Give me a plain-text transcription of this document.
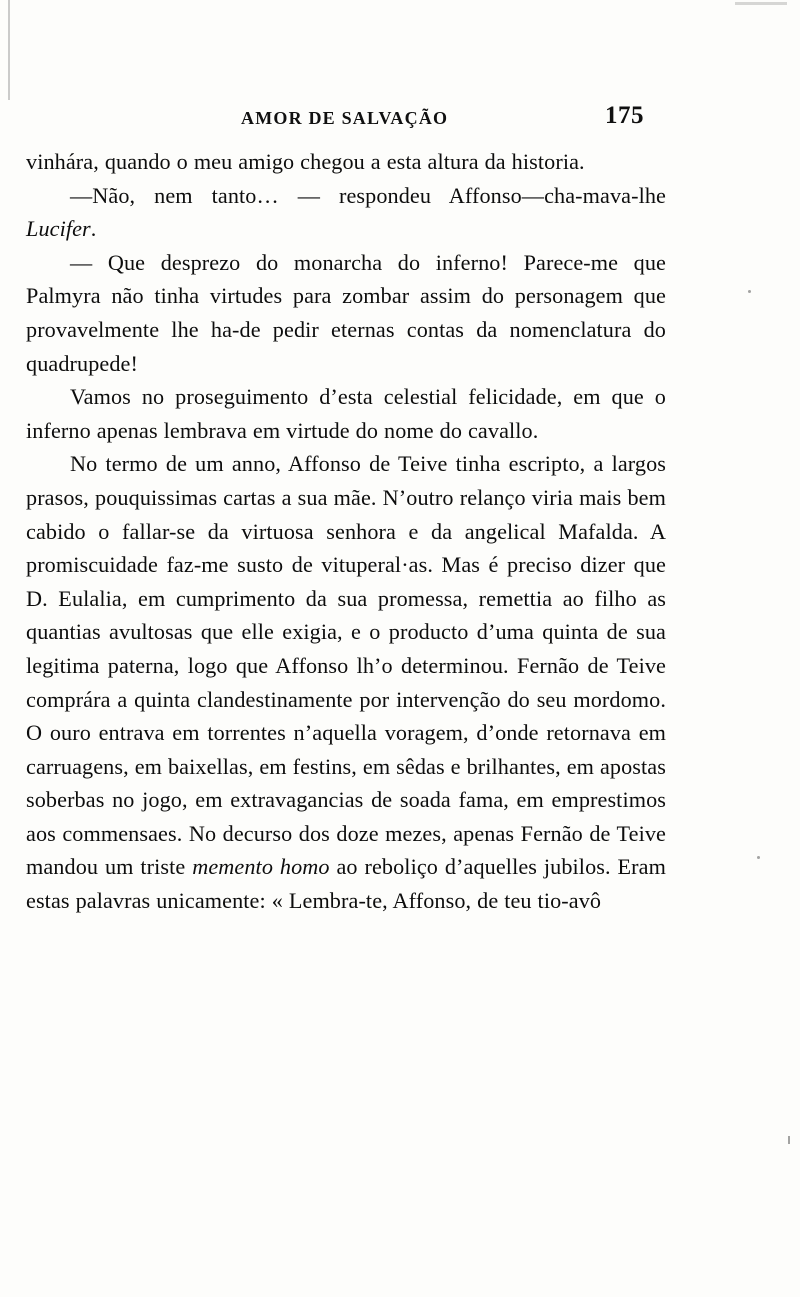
AMOR DE SALVAÇÃO	175

vinhára, quando o meu amigo chegou a esta altura da historia.

—Não, nem tanto… — respondeu Affonso—cha-mava-lhe Lucifer.

— Que desprezo do monarcha do inferno! Parece-me que Palmyra não tinha virtudes para zombar assim do personagem que provavelmente lhe ha-de pedir eternas contas da nomenclatura do quadrupede!

Vamos no proseguimento d’esta celestial felicidade, em que o inferno apenas lembrava em virtude do nome do cavallo.

No termo de um anno, Affonso de Teive tinha escripto, a largos prasos, pouquissimas cartas a sua mãe. N’outro relanço viria mais bem cabido o fallar-se da virtuosa senhora e da angelical Mafalda. A promiscuidade faz-me susto de vituperal·as. Mas é preciso dizer que D. Eulalia, em cumprimento da sua promessa, remettia ao filho as quantias avultosas que elle exigia, e o producto d’uma quinta de sua legitima paterna, logo que Affonso lh’o determinou. Fernão de Teive comprára a quinta clandestinamente por intervenção do seu mordomo. O ouro entrava em torrentes n’aquella voragem, d’onde retornava em carruagens, em baixellas, em festins, em sêdas e brilhantes, em apostas soberbas no jogo, em extravagancias de soada fama, em emprestimos aos commensaes. No decurso dos doze mezes, apenas Fernão de Teive mandou um triste memento homo ao reboliço d’aquelles jubilos. Eram estas palavras unicamente: « Lembra-te, Affonso, de teu tio-avô
